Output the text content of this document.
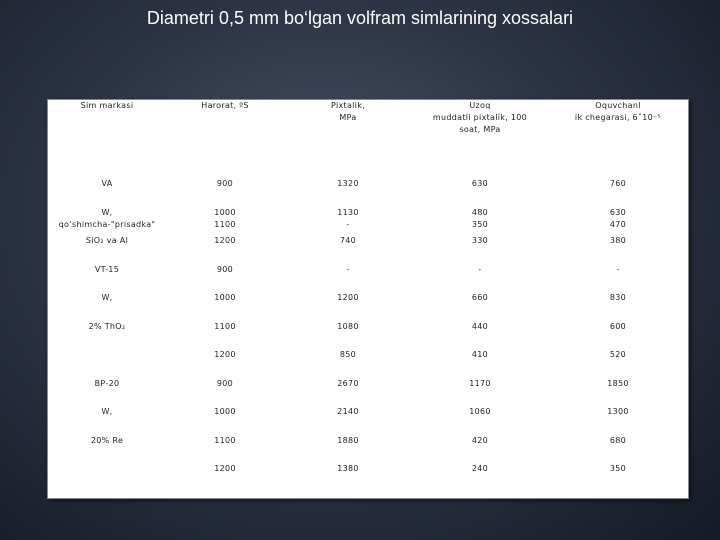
Diametri 0,5 mm bo‘lgan volfram simlarining xossalari
Sim markasi	Harorat, ºS	Pixtalik,
MPa	Uzoq
muddatli pixtalik, 100
soat, MPa	Oquvchanl
ik chegarasi, 6˟10⁻⁵

VA	900	1320	630	760

W,
qo‘shimcha-"prisadka"	1000
1100	1130
-	480
350	630
470

SiO₂ va Al	1200	740	330	380

VT-15	900	-	-	-

W,	1000	1200	660	830

2% ThO₂	1100	1080	440	600

	1200	850	410	520

BP-20	900	2670	1170	1850

W,	1000	2140	1060	1300

20% Re	1100	1880	420	680

	1200	1380	240	350
